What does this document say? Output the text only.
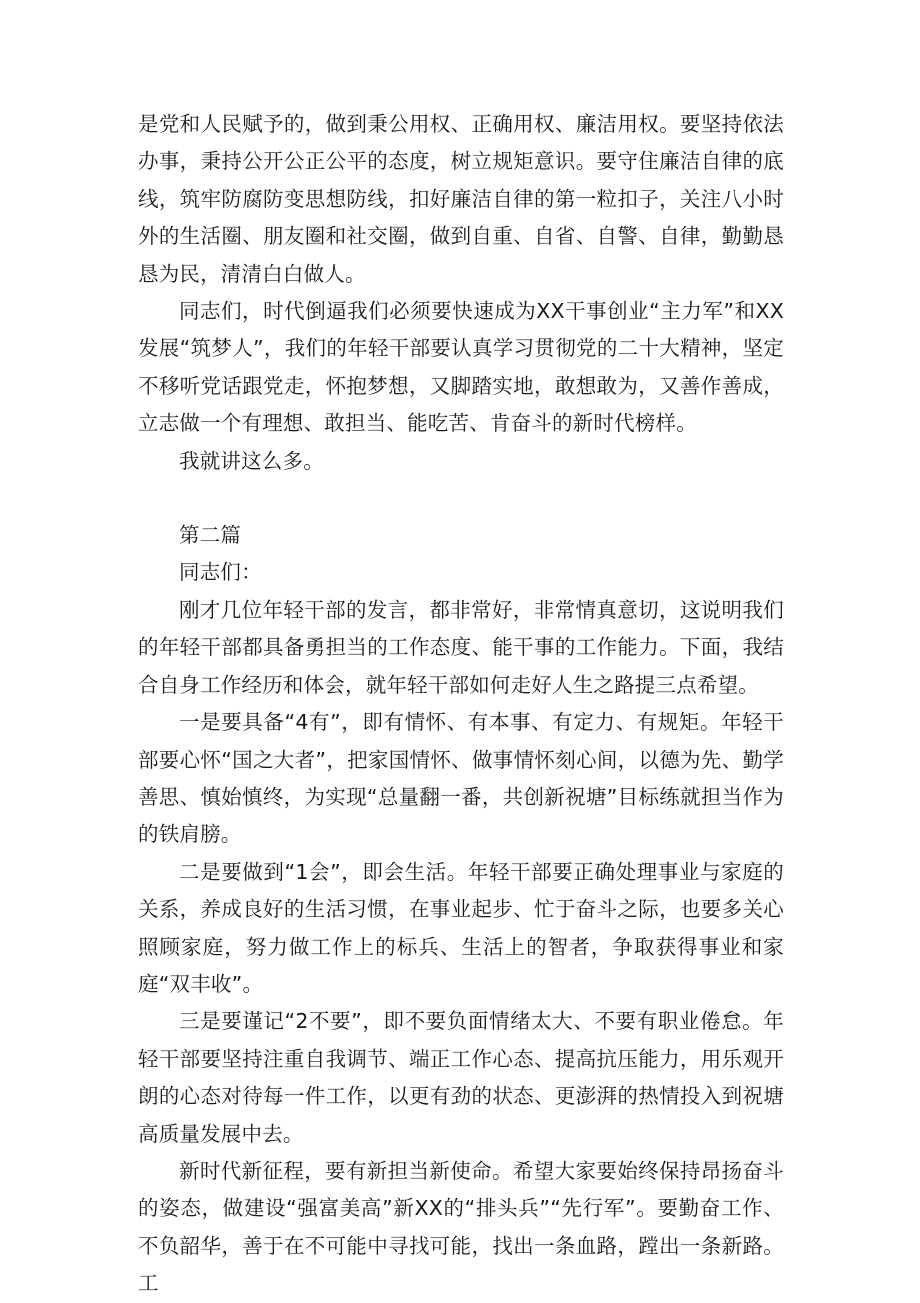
是党和人民赋予的，做到秉公用权、正确用权、廉洁用权。要坚持依法办事，秉持公开公正公平的态度，树立规矩意识。要守住廉洁自律的底线，筑牢防腐防变思想防线，扣好廉洁自律的第一粒扣子，关注八小时外的生活圈、朋友圈和社交圈，做到自重、自省、自警、自律，勤勤恳恳为民，清清白白做人。

同志们，时代倒逼我们必须要快速成为XX干事创业“主力军”和XX发展“筑梦人”，我们的年轻干部要认真学习贯彻党的二十大精神，坚定不移听党话跟党走，怀抱梦想，又脚踏实地，敢想敢为，又善作善成，立志做一个有理想、敢担当、能吃苦、肯奋斗的新时代榜样。

我就讲这么多。

第二篇

同志们：

刚才几位年轻干部的发言，都非常好，非常情真意切，这说明我们的年轻干部都具备勇担当的工作态度、能干事的工作能力。下面，我结合自身工作经历和体会，就年轻干部如何走好人生之路提三点希望。

一是要具备“4有”，即有情怀、有本事、有定力、有规矩。年轻干部要心怀“国之大者”，把家国情怀、做事情怀刻心间，以德为先、勤学善思、慎始慎终，为实现“总量翻一番，共创新祝塘”目标练就担当作为的铁肩膀。

二是要做到“1会”，即会生活。年轻干部要正确处理事业与家庭的关系，养成良好的生活习惯，在事业起步、忙于奋斗之际，也要多关心照顾家庭，努力做工作上的标兵、生活上的智者，争取获得事业和家庭“双丰收”。

三是要谨记“2不要”，即不要负面情绪太大、不要有职业倦怠。年轻干部要坚持注重自我调节、端正工作心态、提高抗压能力，用乐观开朗的心态对待每一件工作，以更有劲的状态、更澎湃的热情投入到祝塘高质量发展中去。

新时代新征程，要有新担当新使命。希望大家要始终保持昂扬奋斗的姿态，做建设“强富美高”新XX的“排头兵”“先行军”。要勤奋工作、不负韶华，善于在不可能中寻找可能，找出一条血路，蹚出一条新路。工
